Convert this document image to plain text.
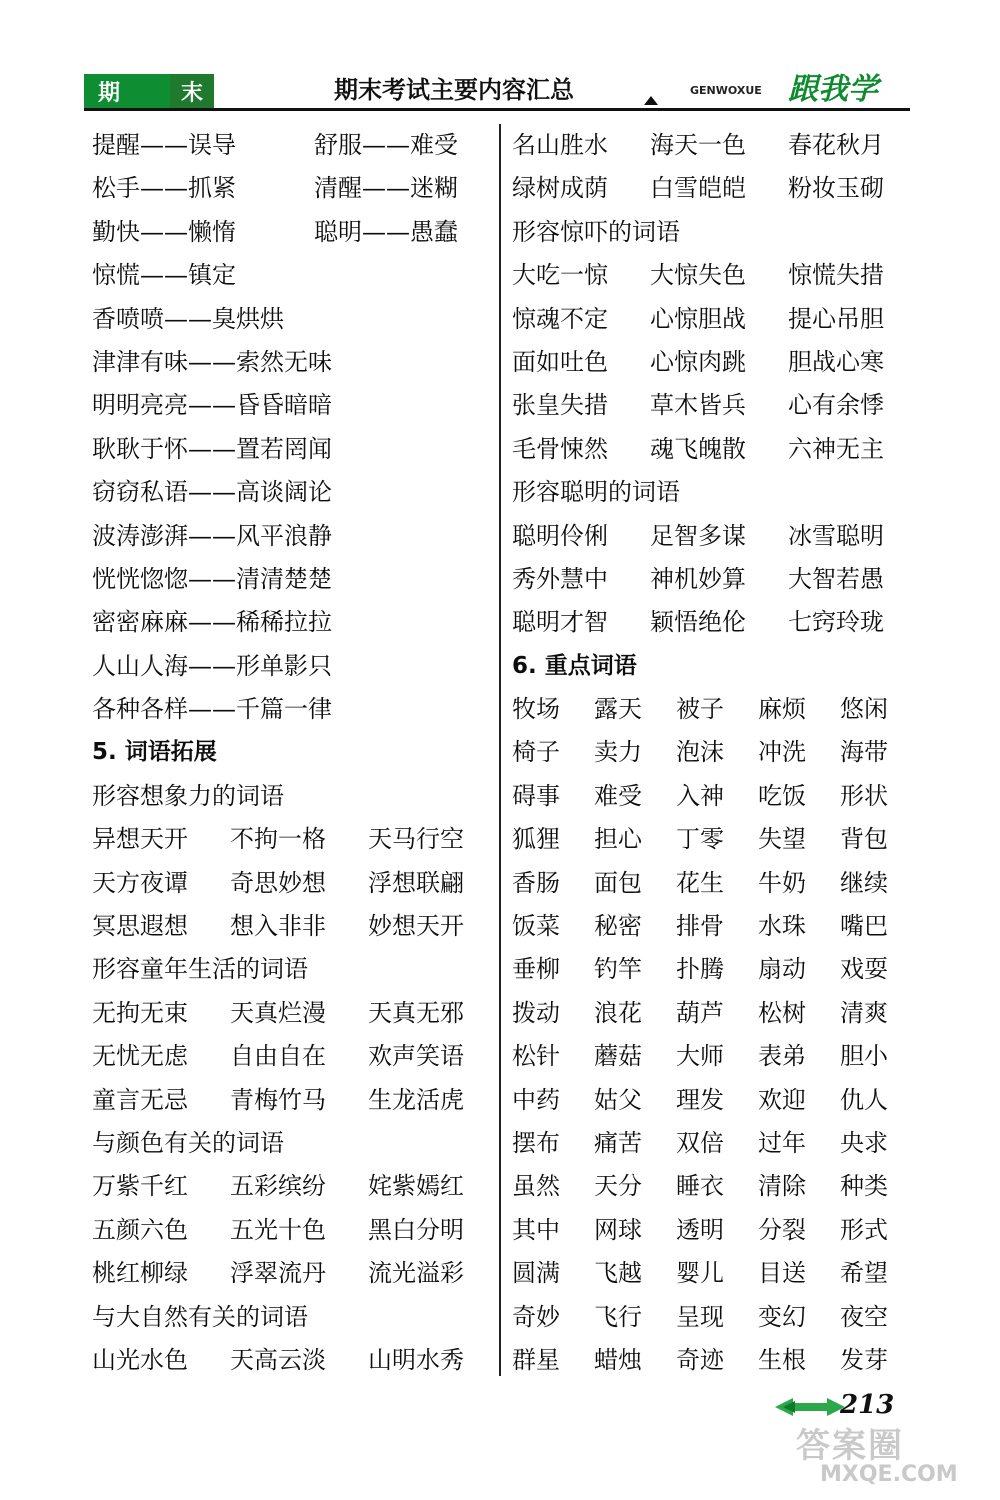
期	末	期末考试主要内容汇总	GENWOXUE 跟我学
提醒——误导	舒服——难受
松手——抓紧	清醒——迷糊
勤快——懒惰	聪明——愚蠢
惊慌——镇定
香喷喷——臭烘烘
津津有味——索然无味
明明亮亮——昏昏暗暗
耿耿于怀——置若罔闻
窃窃私语——高谈阔论
波涛澎湃——风平浪静
恍恍惚惚——清清楚楚
密密麻麻——稀稀拉拉
人山人海——形单影只
各种各样——千篇一律
5. 词语拓展
形容想象力的词语
异想天开 不拘一格 天马行空
天方夜谭 奇思妙想 浮想联翩
冥思遐想 想入非非 妙想天开
形容童年生活的词语
无拘无束 天真烂漫 天真无邪
无忧无虑 自由自在 欢声笑语
童言无忌 青梅竹马 生龙活虎
与颜色有关的词语
万紫千红 五彩缤纷 姹紫嫣红
五颜六色 五光十色 黑白分明
桃红柳绿 浮翠流丹 流光溢彩
与大自然有关的词语
山光水色 天高云淡 山明水秀
名山胜水 海天一色 春花秋月
绿树成荫 白雪皑皑 粉妆玉砌
形容惊吓的词语
大吃一惊 大惊失色 惊慌失措
惊魂不定 心惊胆战 提心吊胆
面如吐色 心惊肉跳 胆战心寒
张皇失措 草木皆兵 心有余悸
毛骨悚然 魂飞魄散 六神无主
形容聪明的词语
聪明伶俐 足智多谋 冰雪聪明
秀外慧中 神机妙算 大智若愚
聪明才智 颖悟绝伦 七窍玲珑
6. 重点词语
牧场 露天 被子 麻烦 悠闲
椅子 卖力 泡沫 冲洗 海带
碍事 难受 入神 吃饭 形状
狐狸 担心 丁零 失望 背包
香肠 面包 花生 牛奶 继续
饭菜 秘密 排骨 水珠 嘴巴
垂柳 钓竿 扑腾 扇动 戏耍
拨动 浪花 葫芦 松树 清爽
松针 蘑菇 大师 表弟 胆小
中药 姑父 理发 欢迎 仇人
摆布 痛苦 双倍 过年 央求
虽然 天分 睡衣 清除 种类
其中 网球 透明 分裂 形式
圆满 飞越 婴儿 目送 希望
奇妙 飞行 呈现 变幻 夜空
群星 蜡烛 奇迹 生根 发芽
213
答案圈
MXQE.COM
